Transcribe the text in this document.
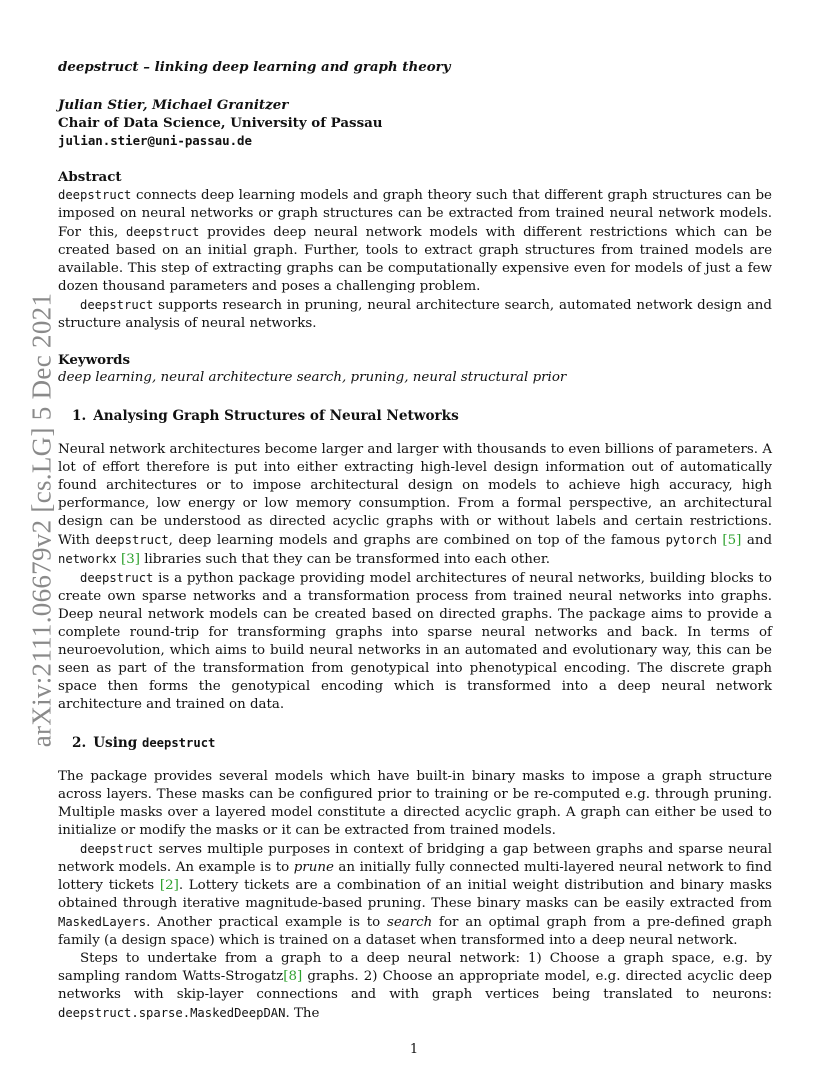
arXiv:2111.06679v2 [cs.LG] 5 Dec 2021
deepstruct – linking deep learning and graph theory
Julian Stier, Michael Granitzer
Chair of Data Science, University of Passau
julian.stier@uni-passau.de
Abstract

deepstruct connects deep learning models and graph theory such that different graph structures can be imposed on neural networks or graph structures can be extracted from trained neural network models. For this, deepstruct provides deep neural network models with different restrictions which can be created based on an initial graph. Further, tools to extract graph structures from trained models are available. This step of extracting graphs can be computationally expensive even for models of just a few dozen thousand parameters and poses a challenging problem.

deepstruct supports research in pruning, neural architecture search, automated network design and structure analysis of neural networks.

Keywords
deep learning, neural architecture search, pruning, neural structural prior
1. Analysing Graph Structures of Neural Networks

Neural network architectures become larger and larger with thousands to even billions of parameters. A lot of effort therefore is put into either extracting high-level design information out of automatically found architectures or to impose architectural design on models to achieve high accuracy, high performance, low energy or low memory consumption. From a formal perspective, an architectural design can be understood as directed acyclic graphs with or without labels and certain restrictions. With deepstruct, deep learning models and graphs are combined on top of the famous pytorch [5] and networkx [3] libraries such that they can be transformed into each other.

deepstruct is a python package providing model architectures of neural networks, building blocks to create own sparse networks and a transformation process from trained neural networks into graphs. Deep neural network models can be created based on directed graphs. The package aims to provide a complete round-trip for transforming graphs into sparse neural networks and back. In terms of neuroevolution, which aims to build neural networks in an automated and evolutionary way, this can be seen as part of the transformation from genotypical into phenotypical encoding. The discrete graph space then forms the genotypical encoding which is transformed into a deep neural network architecture and trained on data.

2. Using deepstruct

The package provides several models which have built-in binary masks to impose a graph structure across layers. These masks can be configured prior to training or be re-computed e.g. through pruning. Multiple masks over a layered model constitute a directed acyclic graph. A graph can either be used to initialize or modify the masks or it can be extracted from trained models.

deepstruct serves multiple purposes in context of bridging a gap between graphs and sparse neural network models. An example is to prune an initially fully connected multi-layered neural network to find lottery tickets [2]. Lottery tickets are a combination of an initial weight distribution and binary masks obtained through iterative magnitude-based pruning. These binary masks can be easily extracted from MaskedLayers. Another practical example is to search for an optimal graph from a pre-defined graph family (a design space) which is trained on a dataset when transformed into a deep neural network.

Steps to undertake from a graph to a deep neural network: 1) Choose a graph space, e.g. by sampling random Watts-Strogatz[8] graphs. 2) Choose an appropriate model, e.g. directed acyclic deep networks with skip-layer connections and with graph vertices being translated to neurons: deepstruct.sparse.MaskedDeepDAN. The

1
